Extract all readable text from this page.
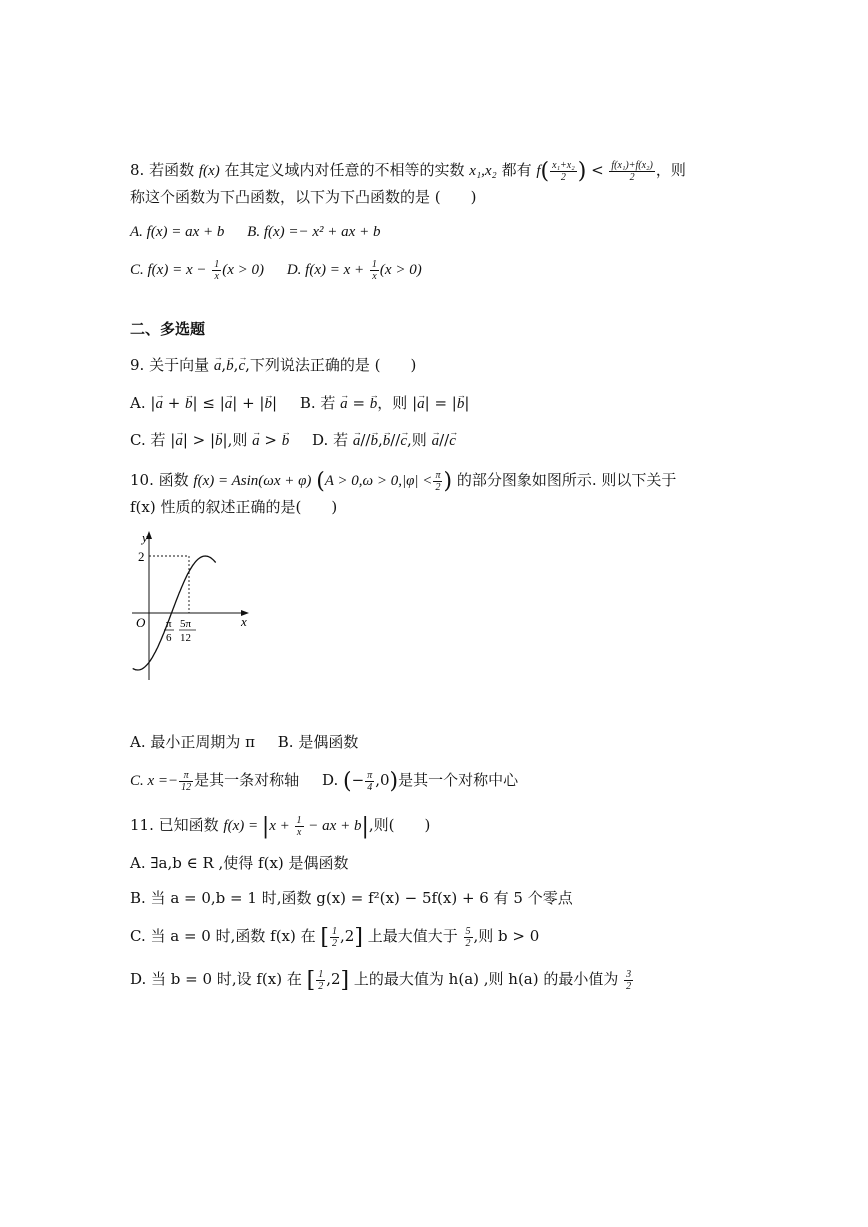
8. 若函数 f(x) 在其定义域内对任意的不相等的实数 x₁,x₂ 都有 $f( \frac{\text{x₁+x₂}}{2}$ ) < $\frac{\text{f(x₁)+f(x₂)}}{2}$ ，则
称这个函数为下凸函数，以下为下凸函数的是 (　　)
A. f(x) = ax + b B. f(x) =− x² + ax + b
C. $f(x) = x - \frac{1}{x} (x > 0)$ D. $f(x) = x + \frac{1}{x} (x > 0)$
二、多选题
9. 关于向量 → a,→ b,→ c,下列说法正确的是 (　　)
A. |→ a + → b| ≤ |→ a| + |→ b| B. 若 → a = → b，则 |→ a| = |→ b|
C. 若 |→ a| > |→ b|,则 → a > → b D. 若 → a//→ b,→ b//→ c,则 → a//→ c
10. 函数 f(x) = Asin(ωx + φ) ($A > 0,\omega > 0,|\varphi| < \frac{\pi}{2}$ ) 的部分图象如图所示. 则以下关于
f(x) 性质的叙述正确的是(　　)
y
x
O
2
π
6
5π
12
A. 最小正周期为 π B. 是偶函数
C. $x =- \frac{\pi}{12}$ 是其一条对称轴 D. (− $\frac{\pi}{4} ,0$)是其一个对称中心
11. 已知函数 $f(x) = |x + \frac{1}{x}$ − ax + b|,则(　　)
A. ∃a,b ∈ R ,使得 f(x) 是偶函数
B. 当 a = 0,b = 1 时,函数 g(x) = f²(x) − 5f(x) + 6 有 5 个零点
C. 当 a = 0 时,函数 f(x) 在 [ $\frac{1}{2} ,2$] 上最大值大于 $\frac{5}{2}$ ,则 b > 0
D. 当 b = 0 时,设 f(x) 在 [ $\frac{1}{2} ,2$] 上的最大值为 h(a) ,则 h(a) 的最小值为 $\frac{3}{2}$
